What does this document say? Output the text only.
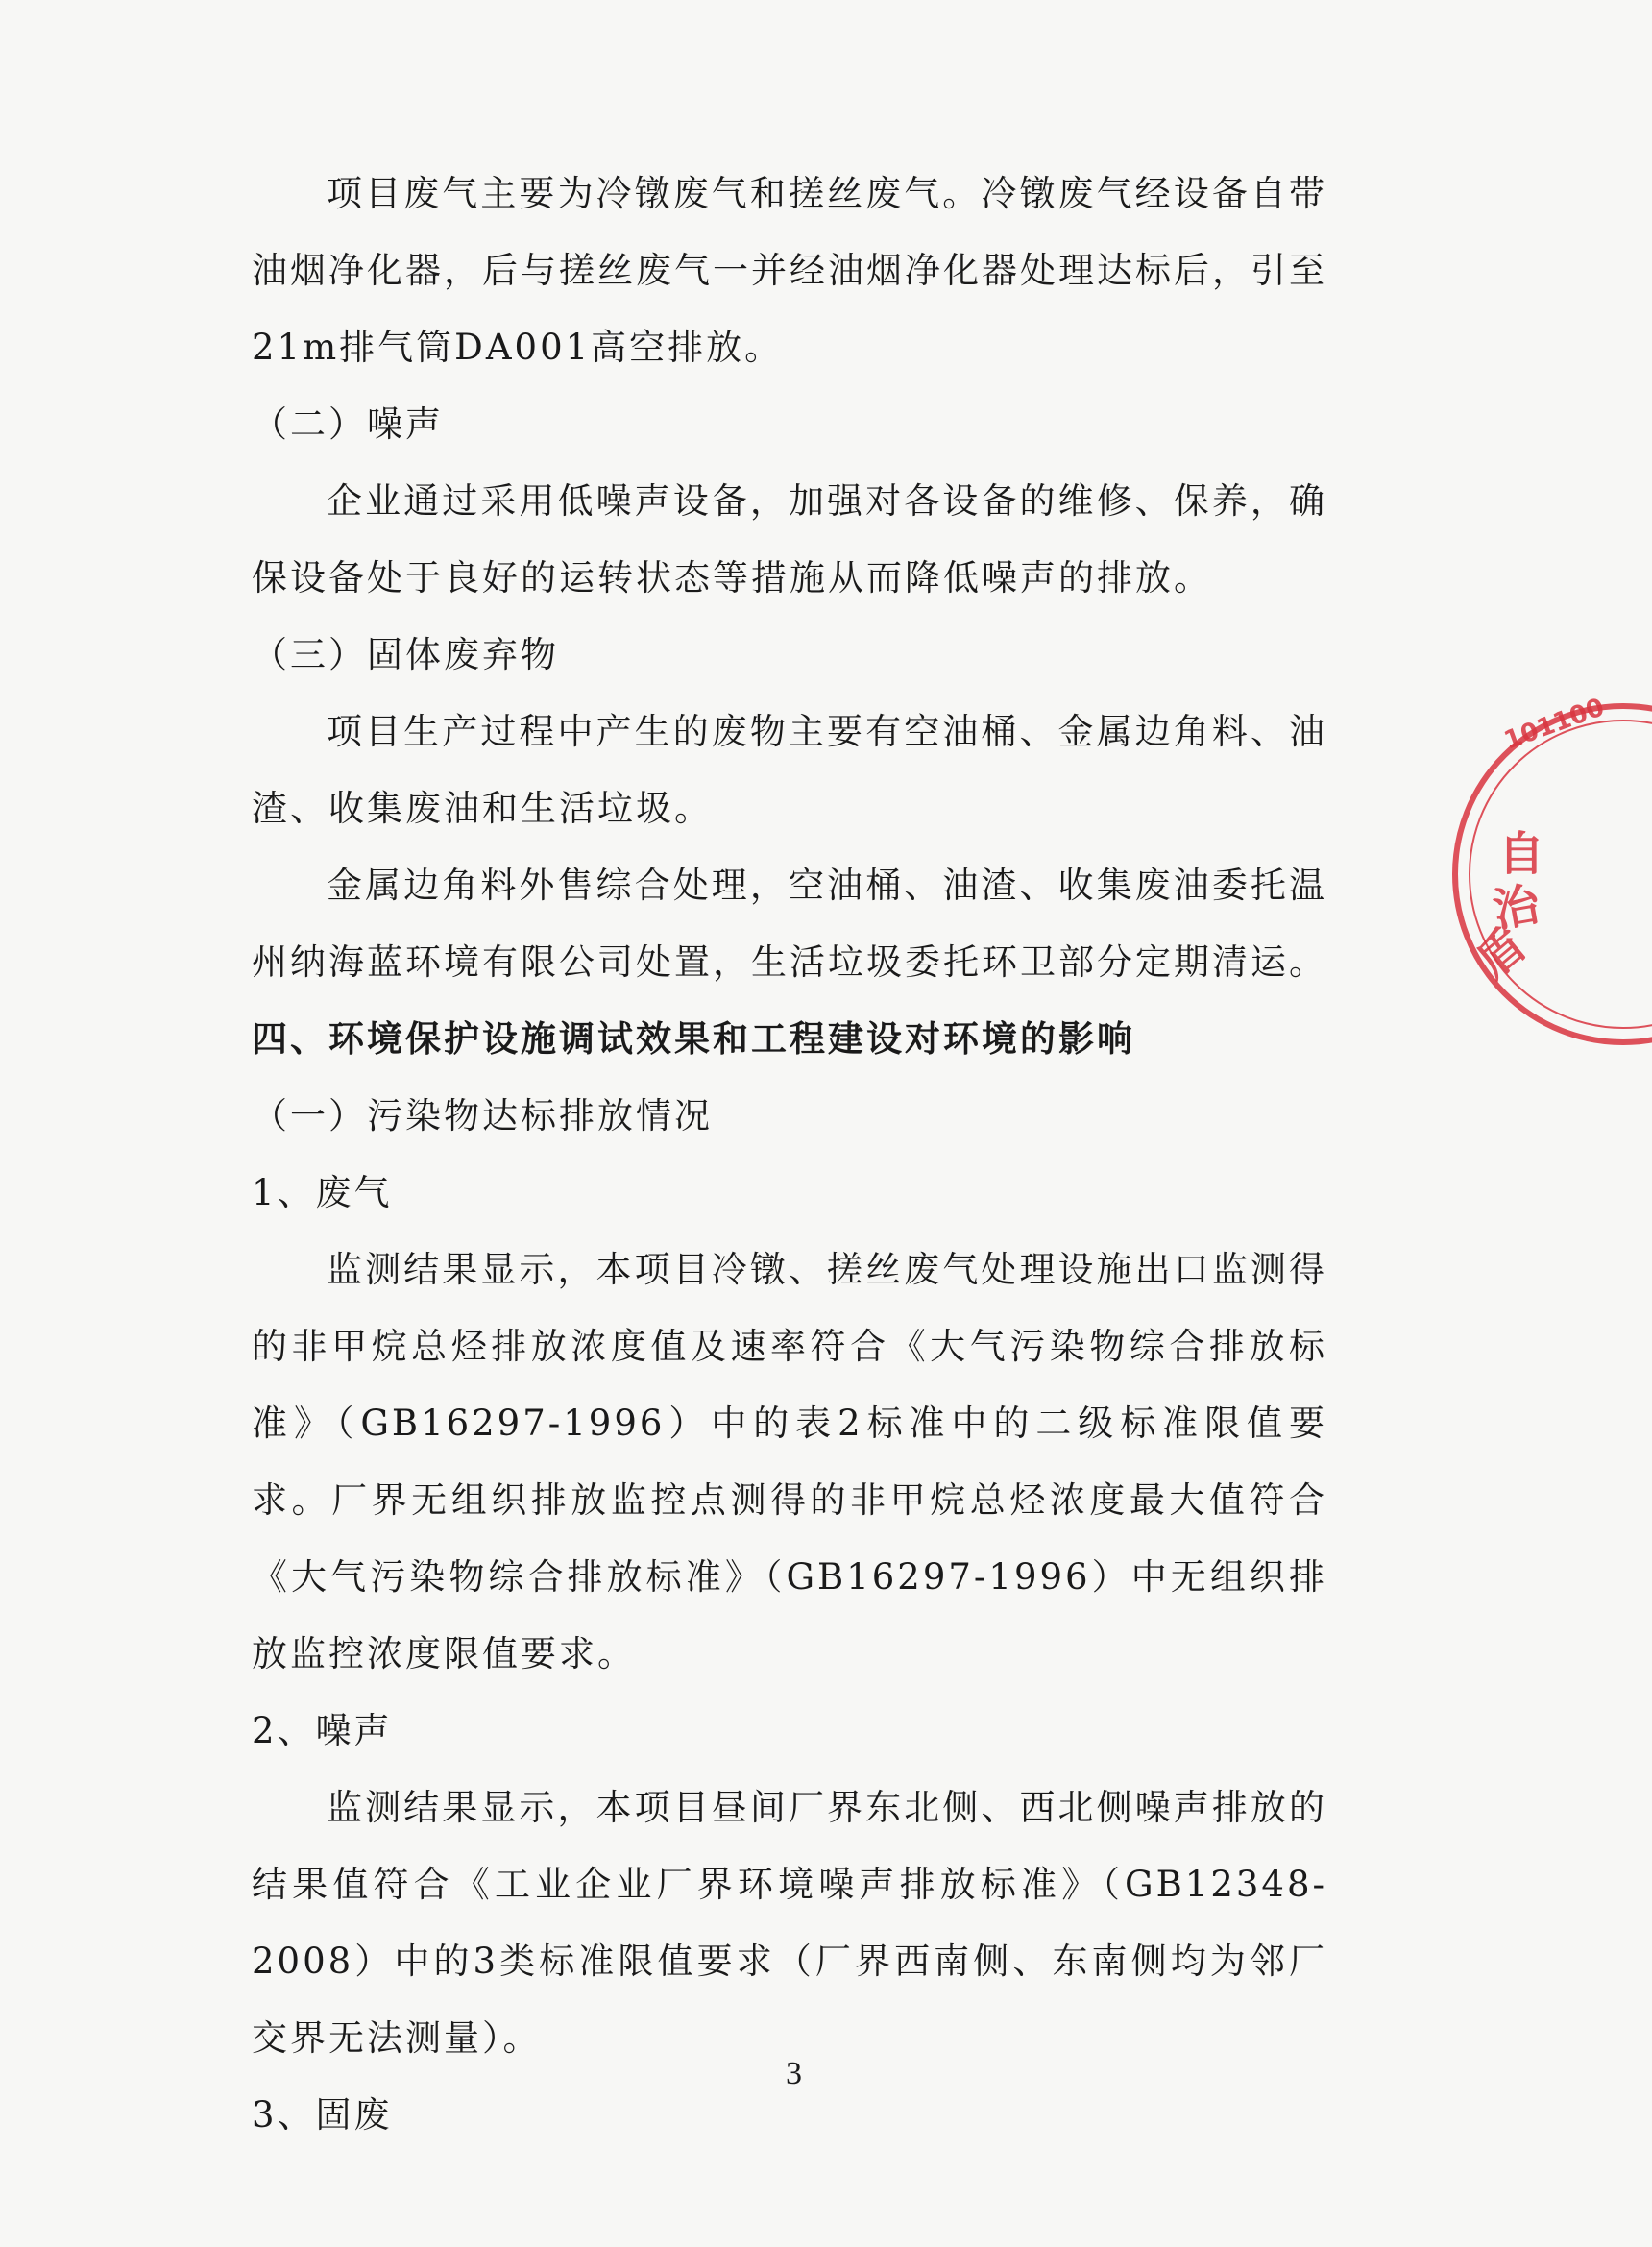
项目废气主要为冷镦废气和搓丝废气。冷镦废气经设备自带油烟净化器，后与搓丝废气一并经油烟净化器处理达标后，引至21m排气筒DA001高空排放。

（二）噪声

企业通过采用低噪声设备，加强对各设备的维修、保养，确保设备处于良好的运转状态等措施从而降低噪声的排放。

（三）固体废弃物

项目生产过程中产生的废物主要有空油桶、金属边角料、油渣、收集废油和生活垃圾。

金属边角料外售综合处理，空油桶、油渣、收集废油委托温州纳海蓝环境有限公司处置，生活垃圾委托环卫部分定期清运。

四、环境保护设施调试效果和工程建设对环境的影响

（一）污染物达标排放情况

1、废气

监测结果显示，本项目冷镦、搓丝废气处理设施出口监测得的非甲烷总烃排放浓度值及速率符合《大气污染物综合排放标准》（GB16297-1996）中的表2标准中的二级标准限值要求。厂界无组织排放监控点测得的非甲烷总烃浓度最大值符合《大气污染物综合排放标准》（GB16297-1996）中无组织排放监控浓度限值要求。

2、噪声

监测结果显示，本项目昼间厂界东北侧、西北侧噪声排放的结果值符合《工业企业厂界环境噪声排放标准》（GB12348-2008）中的3类标准限值要求（厂界西南侧、东南侧均为邻厂交界无法测量）。

3、固废

3
101100
自
治
盾
